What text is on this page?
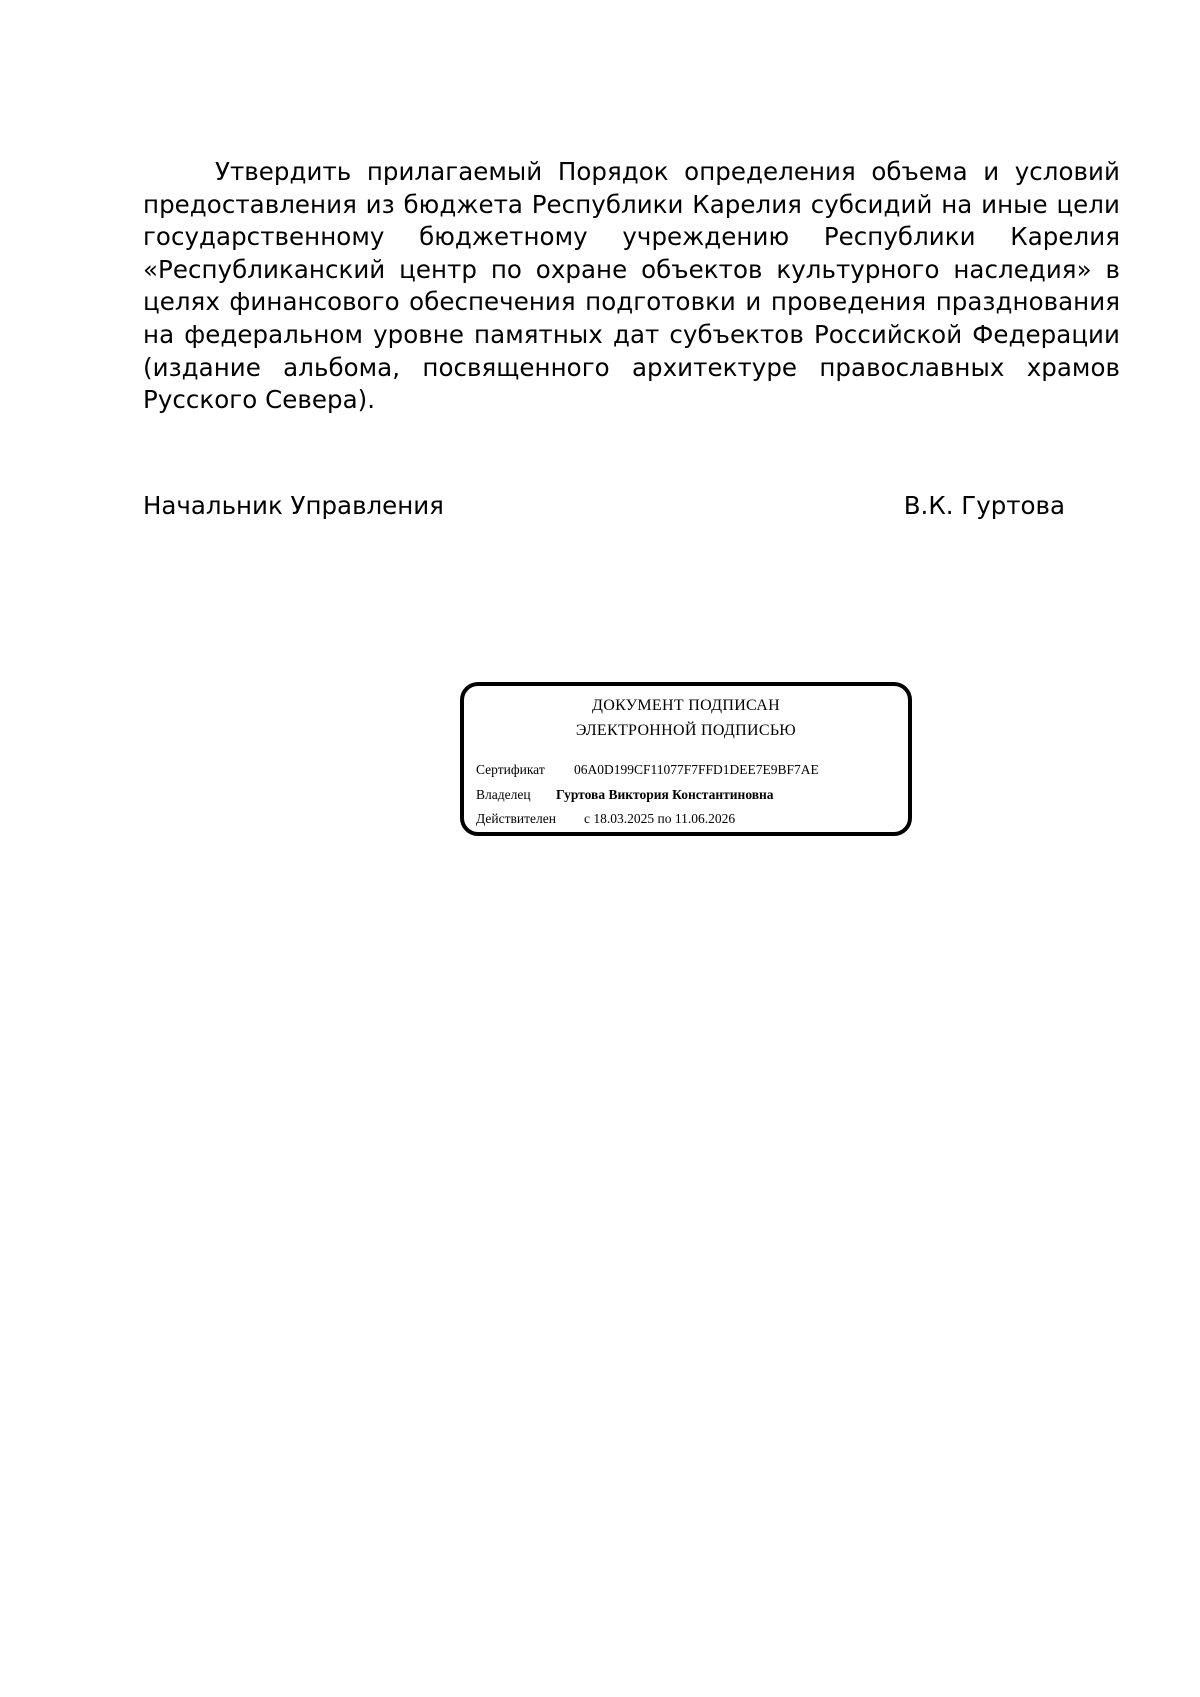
Утвердить прилагаемый Порядок определения объема и условий предоставления из бюджета Республики Карелия субсидий на иные цели государственному бюджетному учреждению Республики Карелия «Республиканский центр по охране объектов культурного наследия» в целях финансового обеспечения подготовки и проведения празднования на федеральном уровне памятных дат субъектов Российской Федерации (издание альбома, посвященного архитектуре православных храмов Русского Севера).

Начальник Управления	В.К. Гуртова
ДОКУМЕНТ ПОДПИСАН
ЭЛЕКТРОННОЙ ПОДПИСЬЮ
Сертификат 06A0D199CF11077F7FFD1DEE7E9BF7AE
Владелец Гуртова Виктория Константиновна
Действителен с 18.03.2025 по 11.06.2026
